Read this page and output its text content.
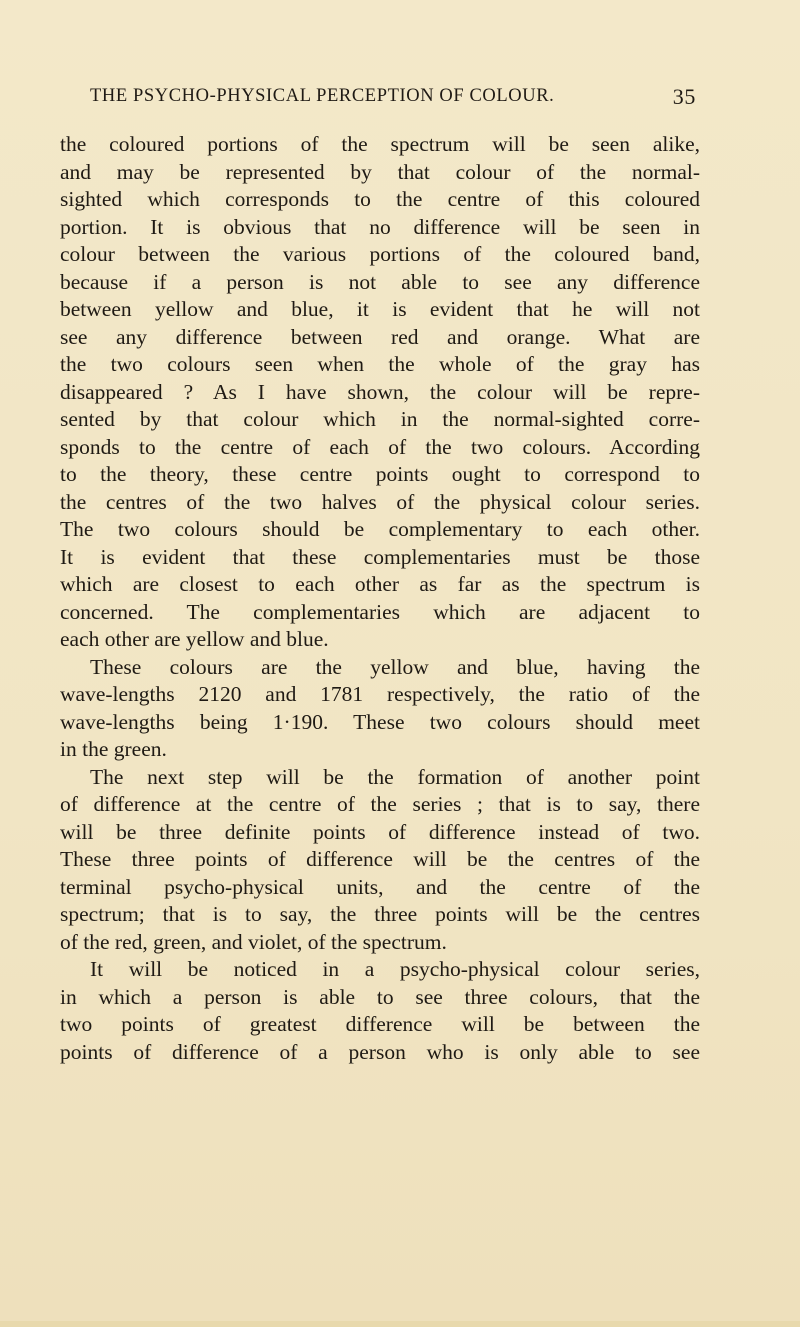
THE PSYCHO-PHYSICAL PERCEPTION OF COLOUR.	35
the coloured portions of the spectrum will be seen alike,
and may be represented by that colour of the normal-
sighted which corresponds to the centre of this coloured
portion. It is obvious that no difference will be seen in
colour between the various portions of the coloured band,
because if a person is not able to see any difference
between yellow and blue, it is evident that he will not
see any difference between red and orange. What are
the two colours seen when the whole of the gray has
disappeared ? As I have shown, the colour will be repre-
sented by that colour which in the normal-sighted corre-
sponds to the centre of each of the two colours. According
to the theory, these centre points ought to correspond to
the centres of the two halves of the physical colour series.
The two colours should be complementary to each other.
It is evident that these complementaries must be those
which are closest to each other as far as the spectrum is
concerned. The complementaries which are adjacent to
each other are yellow and blue.
These colours are the yellow and blue, having the
wave-lengths 2120 and 1781 respectively, the ratio of the
wave-lengths being 1·190. These two colours should meet
in the green.
The next step will be the formation of another point
of difference at the centre of the series ; that is to say, there
will be three definite points of difference instead of two.
These three points of difference will be the centres of the
terminal psycho-physical units, and the centre of the
spectrum; that is to say, the three points will be the centres
of the red, green, and violet, of the spectrum.
It will be noticed in a psycho-physical colour series,
in which a person is able to see three colours, that the
two points of greatest difference will be between the
points of difference of a person who is only able to see
